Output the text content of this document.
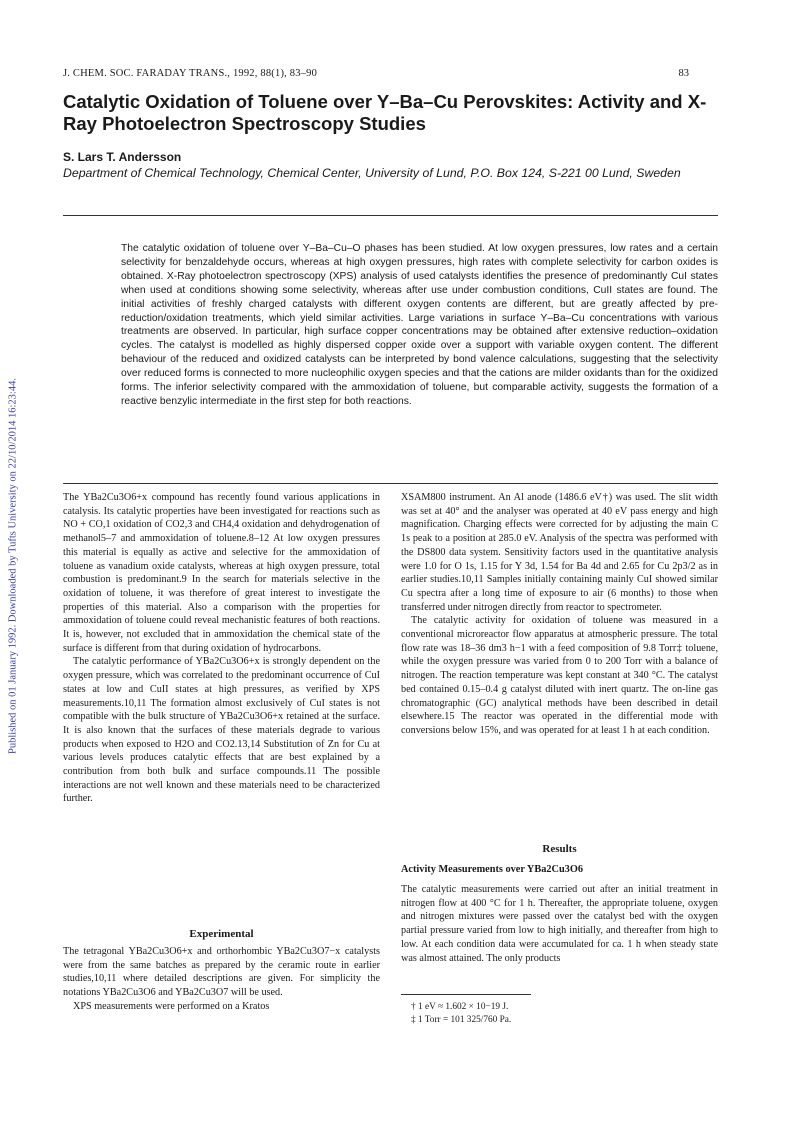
Published on 01 January 1992. Downloaded by Tufts University on 22/10/2014 16:23:44.
J. CHEM. SOC. FARADAY TRANS., 1992, 88(1), 83–90	83
Catalytic Oxidation of Toluene over Y–Ba–Cu Perovskites: Activity and X-Ray Photoelectron Spectroscopy Studies
S. Lars T. Andersson
Department of Chemical Technology, Chemical Center, University of Lund, P.O. Box 124, S-221 00 Lund, Sweden
The catalytic oxidation of toluene over Y–Ba–Cu–O phases has been studied. At low oxygen pressures, low rates and a certain selectivity for benzaldehyde occurs, whereas at high oxygen pressures, high rates with complete selectivity for carbon oxides is obtained. X-Ray photoelectron spectroscopy (XPS) analysis of used catalysts identifies the presence of predominantly CuI states when used at conditions showing some selectivity, whereas after use under combustion conditions, CuII states are found. The initial activities of freshly charged catalysts with different oxygen contents are different, but are greatly affected by pre-reduction/oxidation treatments, which yield similar activities. Large variations in surface Y–Ba–Cu concentrations with various treatments are observed. In particular, high surface copper concentrations may be obtained after extensive reduction–oxidation cycles. The catalyst is modelled as highly dispersed copper oxide over a support with variable oxygen content. The different behaviour of the reduced and oxidized catalysts can be interpreted by bond valence calculations, suggesting that the selectivity over reduced forms is connected to more nucleophilic oxygen species and that the cations are milder oxidants than for the oxidized forms. The inferior selectivity compared with the ammoxidation of toluene, but comparable activity, suggests the formation of a reactive benzylic intermediate in the first step for both reactions.

The YBa2Cu3O6+x compound has recently found various applications in catalysis. Its catalytic properties have been investigated for reactions such as NO + CO,1 oxidation of CO2,3 and CH4,4 oxidation and dehydrogenation of methanol5–7 and ammoxidation of toluene.8–12 At low oxygen pressures this material is equally as active and selective for the ammoxidation of toluene as vanadium oxide catalysts, whereas at high oxygen pressure, total combustion is predominant.9 In the search for materials selective in the oxidation of toluene, it was therefore of great interest to investigate the properties of this material. Also a comparison with the properties for ammoxidation of toluene could reveal mechanistic features of both reactions. It is, however, not excluded that in ammoxidation the chemical state of the surface is different from that during oxidation of hydrocarbons.

The catalytic performance of YBa2Cu3O6+x is strongly dependent on the oxygen pressure, which was correlated to the predominant occurrence of CuI states at low and CuII states at high pressures, as verified by XPS measurements.10,11 The formation almost exclusively of CuI states is not compatible with the bulk structure of YBa2Cu3O6+x retained at the surface. It is also known that the surfaces of these materials degrade to various products when exposed to H2O and CO2.13,14 Substitution of Zn for Cu at various levels produces catalytic effects that are best explained by a contribution from both bulk and surface compounds.11 The possible interactions are not well known and these materials need to be characterized further.

Experimental

The tetragonal YBa2Cu3O6+x and orthorhombic YBa2Cu3O7−x catalysts were from the same batches as prepared by the ceramic route in earlier studies,10,11 where detailed descriptions are given. For simplicity the notations YBa2Cu3O6 and YBa2Cu3O7 will be used.

XPS measurements were performed on a Kratos

XSAM800 instrument. An Al anode (1486.6 eV†) was used. The slit width was set at 40° and the analyser was operated at 40 eV pass energy and high magnification. Charging effects were corrected for by adjusting the main C 1s peak to a position at 285.0 eV. Analysis of the spectra was performed with the DS800 data system. Sensitivity factors used in the quantitative analysis were 1.0 for O 1s, 1.15 for Y 3d, 1.54 for Ba 4d and 2.65 for Cu 2p3/2 as in earlier studies.10,11 Samples initially containing mainly CuI showed similar Cu spectra after a long time of exposure to air (6 months) to those when transferred under nitrogen directly from reactor to spectrometer.

The catalytic activity for oxidation of toluene was measured in a conventional microreactor flow apparatus at atmospheric pressure. The total flow rate was 18–36 dm3 h−1 with a feed composition of 9.8 Torr‡ toluene, while the oxygen pressure was varied from 0 to 200 Torr with a balance of nitrogen. The reaction temperature was kept constant at 340 °C. The catalyst bed contained 0.15–0.4 g catalyst diluted with inert quartz. The on-line gas chromatographic (GC) analytical methods have been described in detail elsewhere.15 The reactor was operated in the differential mode with conversions below 15%, and was operated for at least 1 h at each condition.

Results
Activity Measurements over YBa2Cu3O6

The catalytic measurements were carried out after an initial treatment in nitrogen flow at 400 °C for 1 h. Thereafter, the appropriate toluene, oxygen and nitrogen mixtures were passed over the catalyst bed with the oxygen partial pressure varied from low to high initially, and thereafter from high to low. At each condition data were accumulated for ca. 1 h when steady state was almost attained. The only products

† 1 eV ≈ 1.602 × 10−19 J.
‡ 1 Torr = 101 325/760 Pa.
